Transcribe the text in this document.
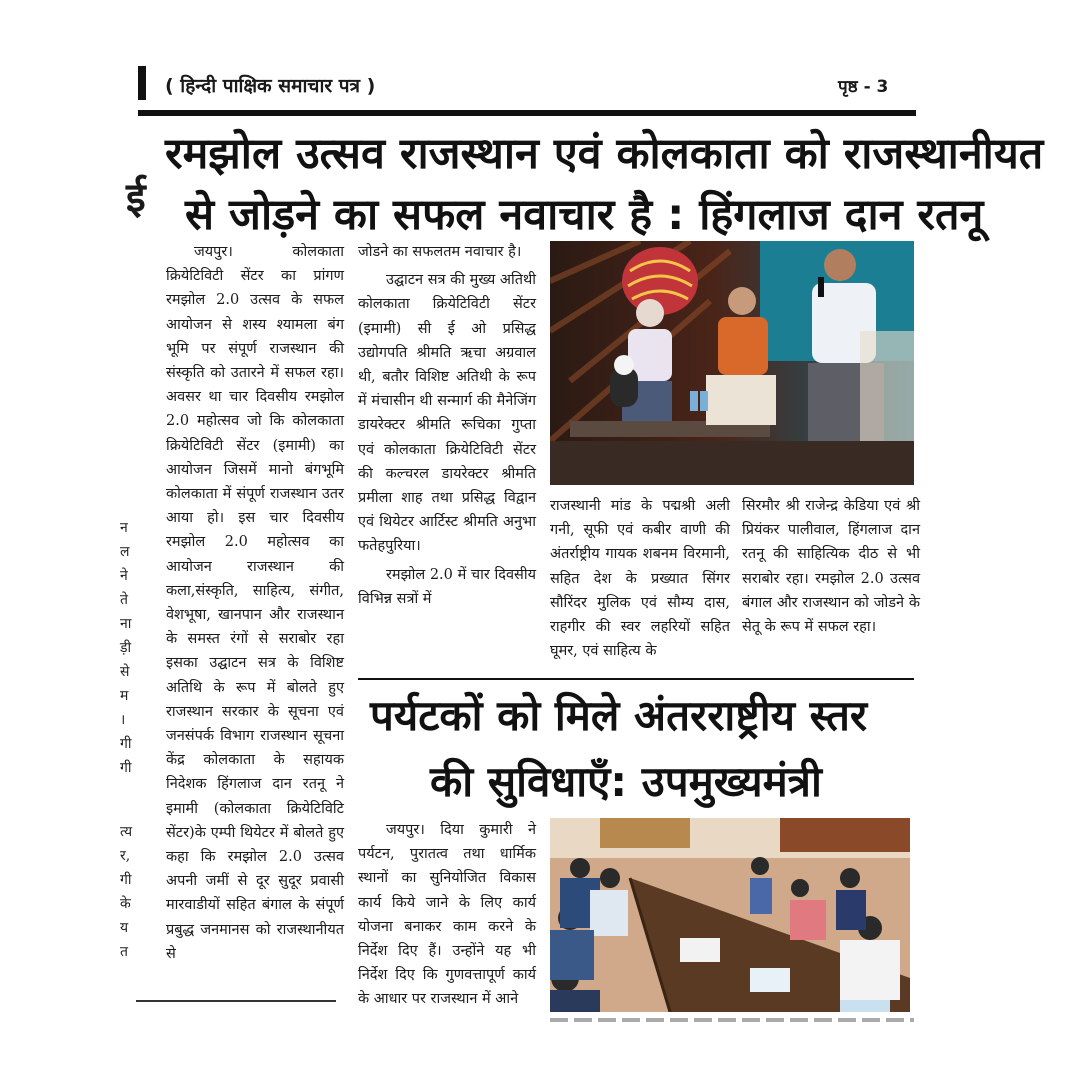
( हिन्दी पाक्षिक समाचार पत्र )	पृष्ठ - 3
ई
रमझोल उत्सव राजस्थान एवं कोलकाता को राजस्थानीयत
से जोड़ने का सफल नवाचार है : हिंगलाज दान रतनू

जयपुर। कोलकाता क्रियेटिविटी सेंटर का प्रांगण रमझोल 2.0 उत्सव के सफल आयोजन से शस्य श्यामला बंग भूमि पर संपूर्ण राजस्थान की संस्कृति को उतारने में सफल रहा। अवसर था चार दिवसीय रमझोल 2.0 महोत्सव जो कि कोलकाता क्रियेटिविटी सेंटर (इमामी) का आयोजन जिसमें मानो बंगभूमि कोलकाता में संपूर्ण राजस्थान उतर आया हो। इस चार दिवसीय रमझोल 2.0 महोत्सव का आयोजन राजस्थान की कला,संस्कृति, साहित्य, संगीत, वेशभूषा, खानपान और राजस्थान के समस्त रंगों से सराबोर रहा इसका उद्घाटन सत्र के विशिष्ट अतिथि के रूप में बोलते हुए राजस्थान सरकार के सूचना एवं जनसंपर्क विभाग राजस्थान सूचना केंद्र कोलकाता के सहायक निदेशक हिंगलाज दान रतनू ने इमामी (कोलकाता क्रियेटिविटि सेंटर)के एम्पी थियेटर में बोलते हुए कहा कि रमझोल 2.0 उत्सव अपनी जमीं से दूर सुदूर प्रवासी मारवाडीयों सहित बंगाल के संपूर्ण प्रबुद्ध जनमानस को राजस्थानीयत से

जोडने का सफलतम नवाचार है।

उद्घाटन सत्र की मुख्य अतिथी कोलकाता क्रियेटिविटी सेंटर (इमामी) सी ई ओ प्रसिद्ध उद्योगपति श्रीमति ऋचा अग्रवाल थी, बतौर विशिष्ट अतिथी के रूप में मंचासीन थी सन्मार्ग की मैनेजिंग डायरेक्टर श्रीमति रूचिका गुप्ता एवं कोलकाता क्रियेटिविटी सेंटर की कल्चरल डायरेक्टर श्रीमति प्रमीला शाह तथा प्रसिद्ध विद्वान एवं थियेटर आर्टिस्ट श्रीमति अनुभा फतेहपुरिया।

रमझोल 2.0 में चार दिवसीय विभिन्न सत्रों में

राजस्थानी मांड के पद्मश्री अली गनी, सूफी एवं कबीर वाणी की अंतर्राष्ट्रीय गायक शबनम विरमानी, सहित देश के प्रख्यात सिंगर सौरिंदर मुलिक एवं सौम्य दास, राहगीर की स्वर लहरियों सहित घूमर, एवं साहित्य के

सिरमौर श्री राजेन्द्र केडिया एवं श्री प्रियंकर पालीवाल, हिंगलाज दान रतनू की साहित्यिक दीठ से भी सराबोर रहा। रमझोल 2.0 उत्सव बंगाल और राजस्थान को जोडने के सेतू के रूप में सफल रहा।

पर्यटकों को मिले अंतरराष्ट्रीय स्तर
की सुविधाएँ: उपमुख्यमंत्री

जयपुर। दिया कुमारी ने पर्यटन, पुरातत्व तथा धार्मिक स्थानों का सुनियोजित विकास कार्य किये जाने के लिए कार्य योजना बनाकर काम करने के निर्देश दिए हैं। उन्होंने यह भी निर्देश दिए कि गुणवत्तापूर्ण कार्य के आधार पर राजस्थान में आने

न
ल
ने
ते
ना
ड़ी
से
म
।
गी
गी
त्य
र,
गी
के
य
त
